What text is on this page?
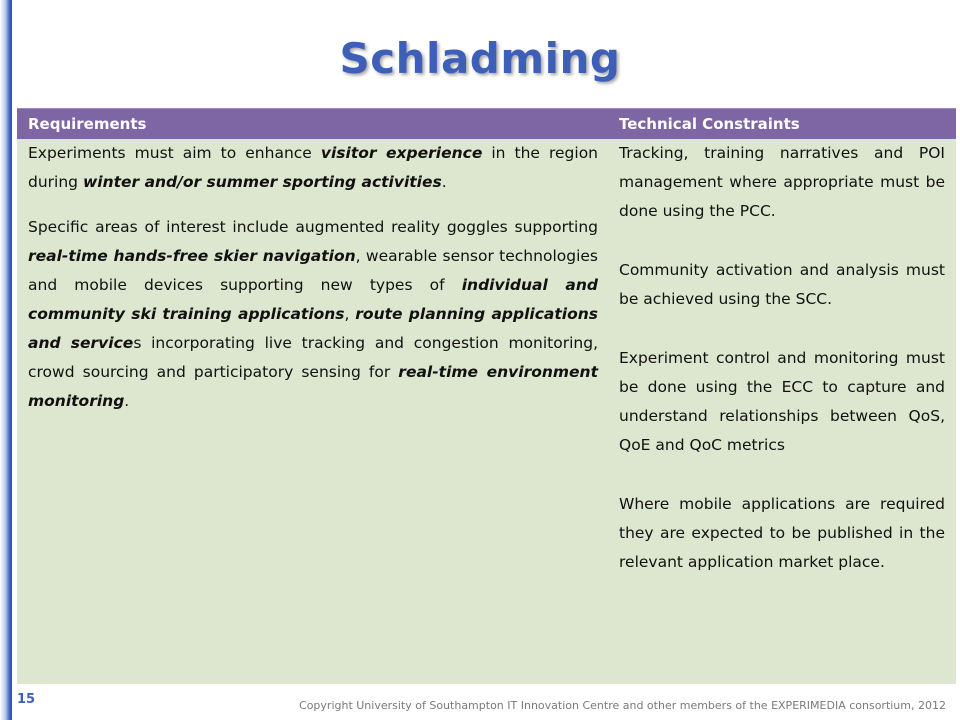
Schladming
Requirements	Technical Constraints

Experiments must aim to enhance visitor experience in the region during winter and/or summer sporting activities.

Specific areas of interest include augmented reality goggles supporting real-time hands-free skier navigation, wearable sensor technologies and mobile devices supporting new types of individual and community ski training applications, route planning applications and services incorporating live tracking and congestion monitoring, crowd sourcing and participatory sensing for real-time environment monitoring.

Tracking, training narratives and POI management where appropriate must be done using the PCC.

Community activation and analysis must be achieved using the SCC.

Experiment control and monitoring must be done using the ECC to capture and understand relationships between QoS, QoE and QoC metrics

Where mobile applications are required they are expected to be published in the relevant application market place.

15	Copyright University of Southampton IT Innovation Centre and other members of the EXPERIMEDIA consortium, 2012
